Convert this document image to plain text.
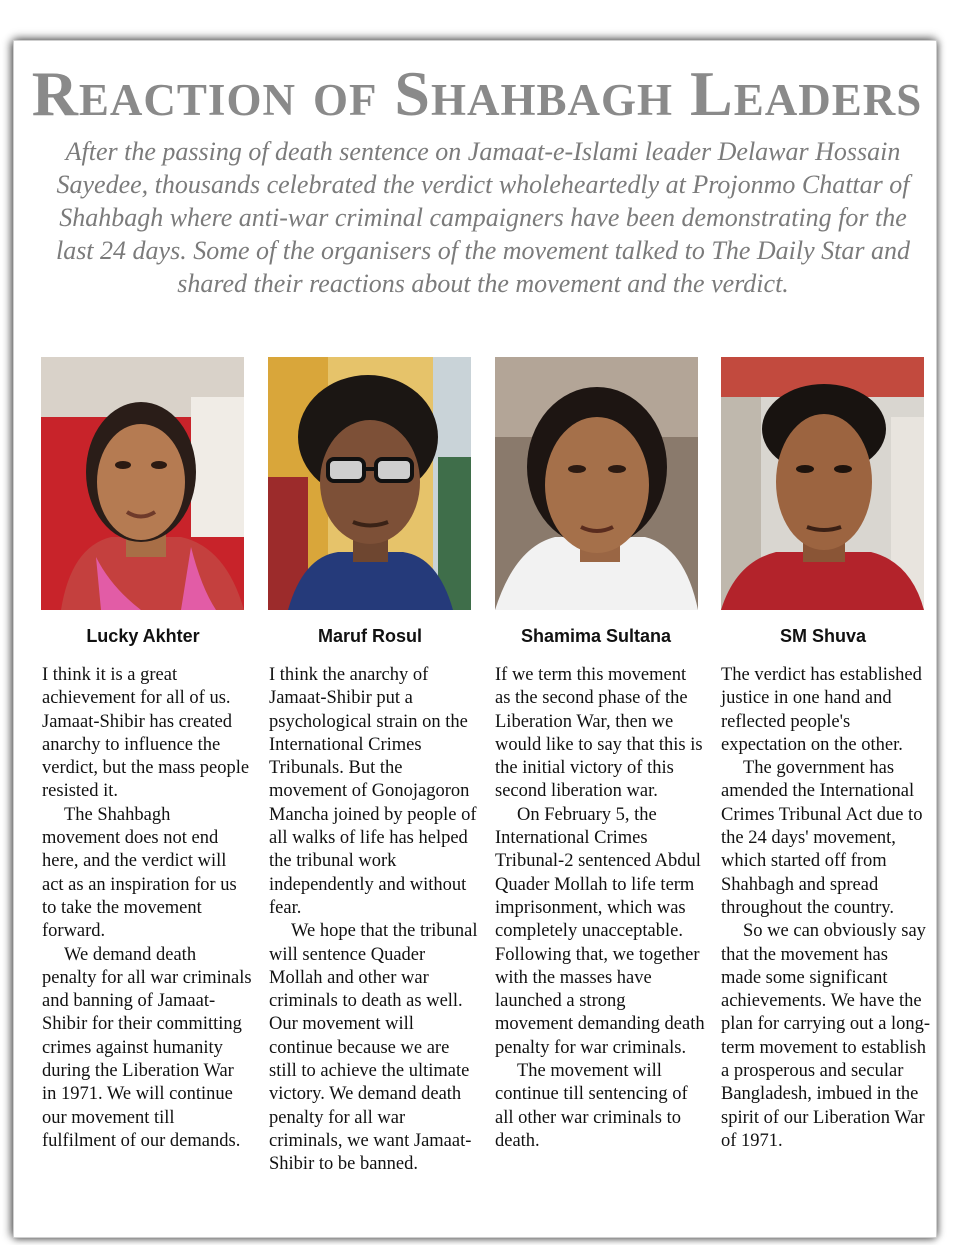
Reaction of Shahbagh Leaders
After the passing of death sentence on Jamaat-e-Islami leader Delawar Hossain Sayedee, thousands celebrated the verdict wholeheartedly at Projonmo Chattar of Shahbagh where anti-war criminal campaigners have been demonstrating for the last 24 days. Some of the organisers of the movement talked to The Daily Star and shared their reactions about the movement and the verdict.
Lucky Akhter	Maruf Rosul	Shamima Sultana	SM Shuva

I think it is a great achievement for all of us. Jamaat-Shibir has created anarchy to influence the verdict, but the mass people resisted it.

The Shahbagh movement does not end here, and the verdict will act as an inspiration for us to take the movement forward.

We demand death penalty for all war criminals and banning of Jamaat-Shibir for their committing crimes against humanity during the Liberation War in 1971. We will continue our movement till fulfilment of our demands.

I think the anarchy of Jamaat-Shibir put a psychological strain on the International Crimes Tribunals. But the movement of Gonojagoron Mancha joined by people of all walks of life has helped the tribunal work independently and without fear.

We hope that the tribunal will sentence Quader Mollah and other war criminals to death as well. Our movement will continue because we are still to achieve the ultimate victory. We demand death penalty for all war criminals, we want Jamaat-Shibir to be banned.

If we term this movement as the second phase of the Liberation War, then we would like to say that this is the initial victory of this second liberation war.

On February 5, the International Crimes Tribunal-2 sentenced Abdul Quader Mollah to life term imprisonment, which was completely unacceptable. Following that, we together with the masses have launched a strong movement demanding death penalty for war criminals.

The movement will continue till sentencing of all other war criminals to death.

The verdict has established justice in one hand and reflected people's expectation on the other.

The government has amended the International Crimes Tribunal Act due to the 24 days' movement, which started off from Shahbagh and spread throughout the country.

So we can obviously say that the movement has made some significant achievements. We have the plan for carrying out a long-term movement to establish a prosperous and secular Bangladesh, imbued in the spirit of our Liberation War of 1971.
